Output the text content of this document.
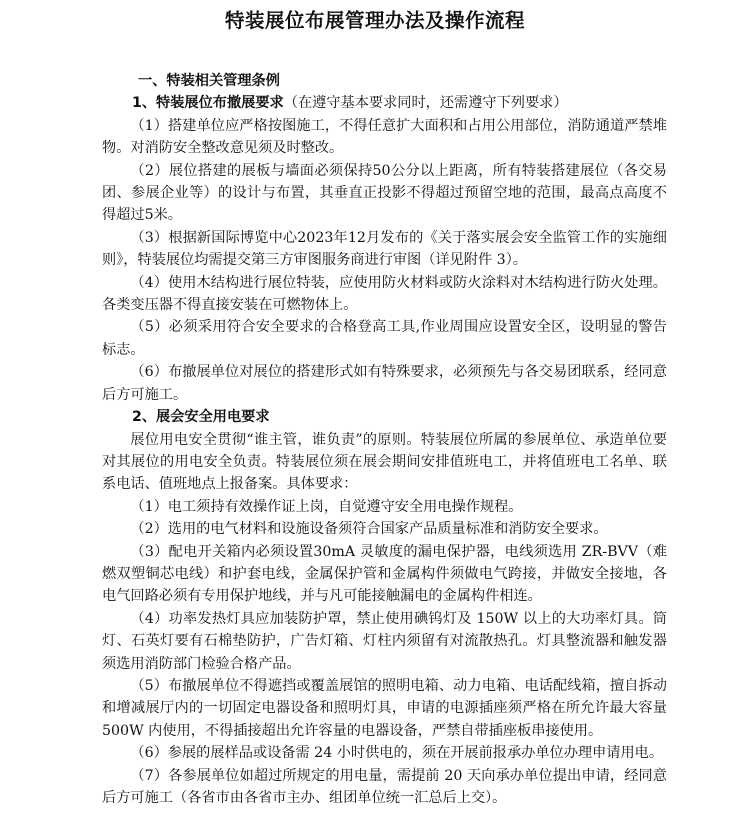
特装展位布展管理办法及操作流程

一、特装相关管理条例

1、特装展位布撤展要求（在遵守基本要求同时，还需遵守下列要求）

（1）搭建单位应严格按图施工，不得任意扩大面积和占用公用部位，消防通道严禁堆物。对消防安全整改意见须及时整改。

（2）展位搭建的展板与墙面必须保持50公分以上距离，所有特装搭建展位（各交易团、参展企业等）的设计与布置，其垂直正投影不得超过预留空地的范围，最高点高度不得超过5米。

（3）根据新国际博览中心2023年12月发布的《关于落实展会安全监管工作的实施细则》，特装展位均需提交第三方审图服务商进行审图（详见附件 3）。

（4）使用木结构进行展位特装，应使用防火材料或防火涂料对木结构进行防火处理。各类变压器不得直接安装在可燃物体上。

（5）必须采用符合安全要求的合格登高工具,作业周围应设置安全区，设明显的警告标志。

（6）布撤展单位对展位的搭建形式如有特殊要求，必须预先与各交易团联系，经同意后方可施工。

2、展会安全用电要求

展位用电安全贯彻“谁主管，谁负责”的原则。特装展位所属的参展单位、承造单位要对其展位的用电安全负责。特装展位须在展会期间安排值班电工，并将值班电工名单、联系电话、值班地点上报备案。具体要求：

（1）电工须持有效操作证上岗，自觉遵守安全用电操作规程。

（2）选用的电气材料和设施设备须符合国家产品质量标准和消防安全要求。

（3）配电开关箱内必须设置30mA 灵敏度的漏电保护器，电线须选用 ZR-BVV（难燃双塑铜芯电线）和护套电线，金属保护管和金属构件须做电气跨接，并做安全接地，各电气回路必须有专用保护地线，并与凡可能接触漏电的金属构件相连。

（4）功率发热灯具应加装防护罩，禁止使用碘钨灯及 150W 以上的大功率灯具。筒灯、石英灯要有石棉垫防护，广告灯箱、灯柱内须留有对流散热孔。灯具整流器和触发器须选用消防部门检验合格产品。

（5）布撤展单位不得遮挡或覆盖展馆的照明电箱、动力电箱、电话配线箱，擅自拆动和增减展厅内的一切固定电器设备和照明灯具，申请的电源插座须严格在所允许最大容量 500W 内使用，不得插接超出允许容量的电器设备，严禁自带插座板串接使用。

（6）参展的展样品或设备需 24 小时供电的，须在开展前报承办单位办理申请用电。

（7）各参展单位如超过所规定的用电量，需提前 20 天向承办单位提出申请，经同意后方可施工（各省市由各省市主办、组团单位统一汇总后上交）。
